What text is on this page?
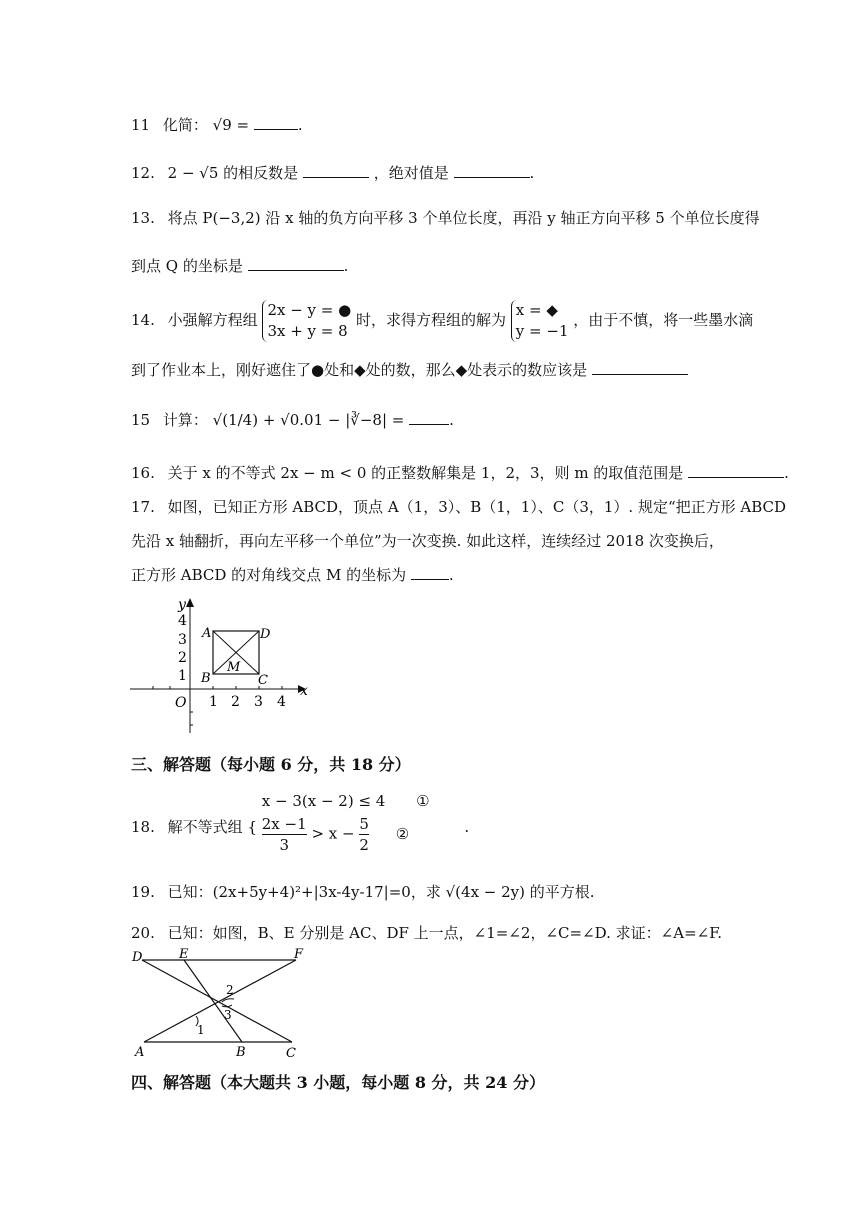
11 化简： √9 =	.
12. 2 − √5 的相反数是	，绝对值是	.
13. 将点 P(−3,2) 沿 x 轴的负方向平移 3 个单位长度，再沿 y 轴正方向平移 5 个单位长度得
到点 Q 的坐标是	.
14. 小强解方程组
2x − y = ●
3x + y = 8
时，求得方程组的解为
x = ◆
y = −1
，由于不慎，将一些墨水滴
到了作业本上，刚好遮住了●处和◆处的数，那么◆处表示的数应该是
15 计算： √(1/4) + √0.01 − |∛−8| =	.
16. 关于 x 的不等式 2x − m < 0 的正整数解集是 1，2，3，则 m 的取值范围是	.
17. 如图，已知正方形 ABCD，顶点 A（1，3）、B（1，1）、C（3，1）. 规定“把正方形 ABCD
先沿 x 轴翻折，再向左平移一个单位”为一次变换. 如此这样，连续经过 2018 次变换后，
正方形 ABCD 的对角线交点 M 的坐标为	.
y
x
O
4
3
2
1
1 2 3 4
A
B	C
D
M
三、解答题（每小题 6 分，共 18 分）
18. 解不等式组 {
x − 3(x − 2) ≤ 4 ①
$\frac{2x -1}{3} > x - \frac{5}{2}$ ②	.
19. 已知：(2x+5y+4)²+|3x-4y-17|=0，求 √(4x − 2y) 的平方根.
20. 已知：如图，B、E 分别是 AC、DF 上一点，∠1=∠2，∠C=∠D. 求证：∠A=∠F.
D	E	F
A	B	C
1
2
3
四、解答题（本大题共 3 小题，每小题 8 分，共 24 分）
